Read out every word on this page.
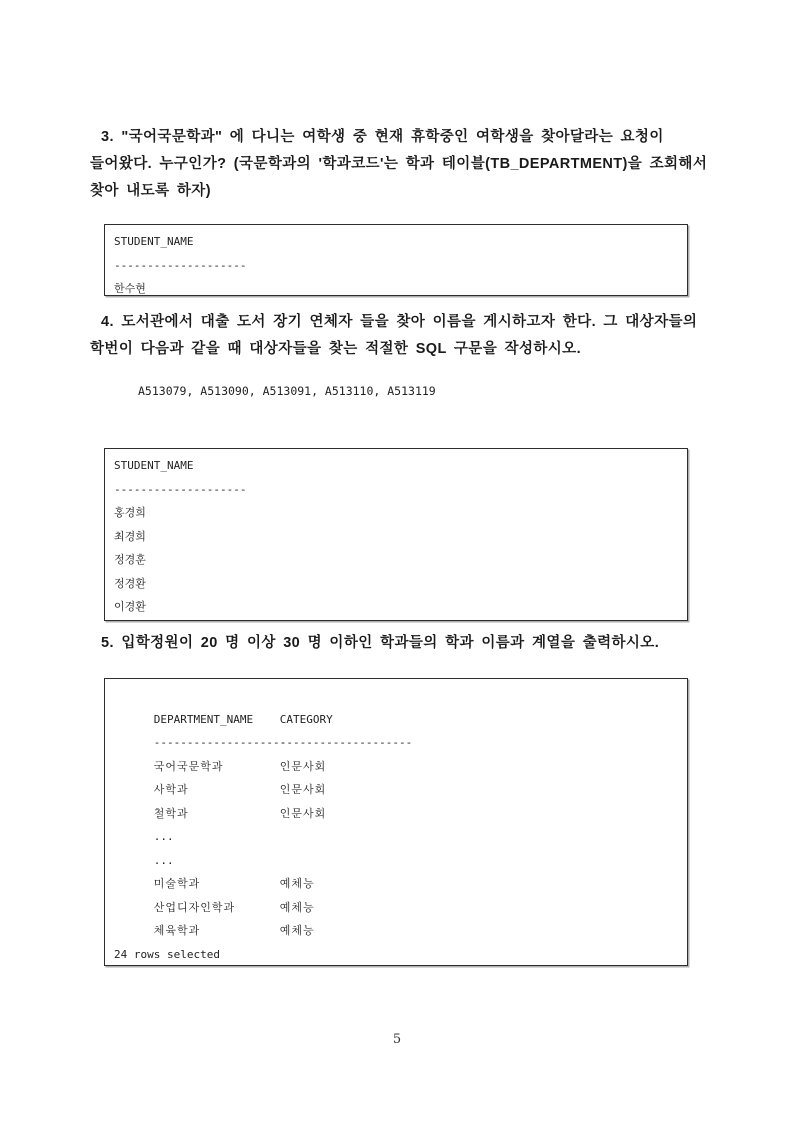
3. "국어국문학과" 에 다니는 여학생 중 현재 휴학중인 여학생을 찾아달라는 요청이
들어왔다. 누구인가? (국문학과의 '학과코드'는 학과 테이블(TB_DEPARTMENT)을 조회해서
찾아 내도록 하자)
STUDENT_NAME
--------------------
한수현
4. 도서관에서 대출 도서 장기 연체자 들을 찾아 이름을 게시하고자 한다. 그 대상자들의
학번이 다음과 같을 때 대상자들을 찾는 적절한 SQL 구문을 작성하시오.
A513079, A513090, A513091, A513110, A513119
STUDENT_NAME
--------------------
홍경희
최경희
정경훈
정경환
이경환
5. 입학정원이 20 명 이상 30 명 이하인 학과들의 학과 이름과 계열을 출력하시오.

DEPARTMENT_NAME CATEGORY

----------------------------------------

국어국문학과	인문사회

사학과	인문사회

철학과	인문사회

...

...

미술학과	예체능

산업디자인학과	예체능

체육학과	예체능

24 rows selected
5
